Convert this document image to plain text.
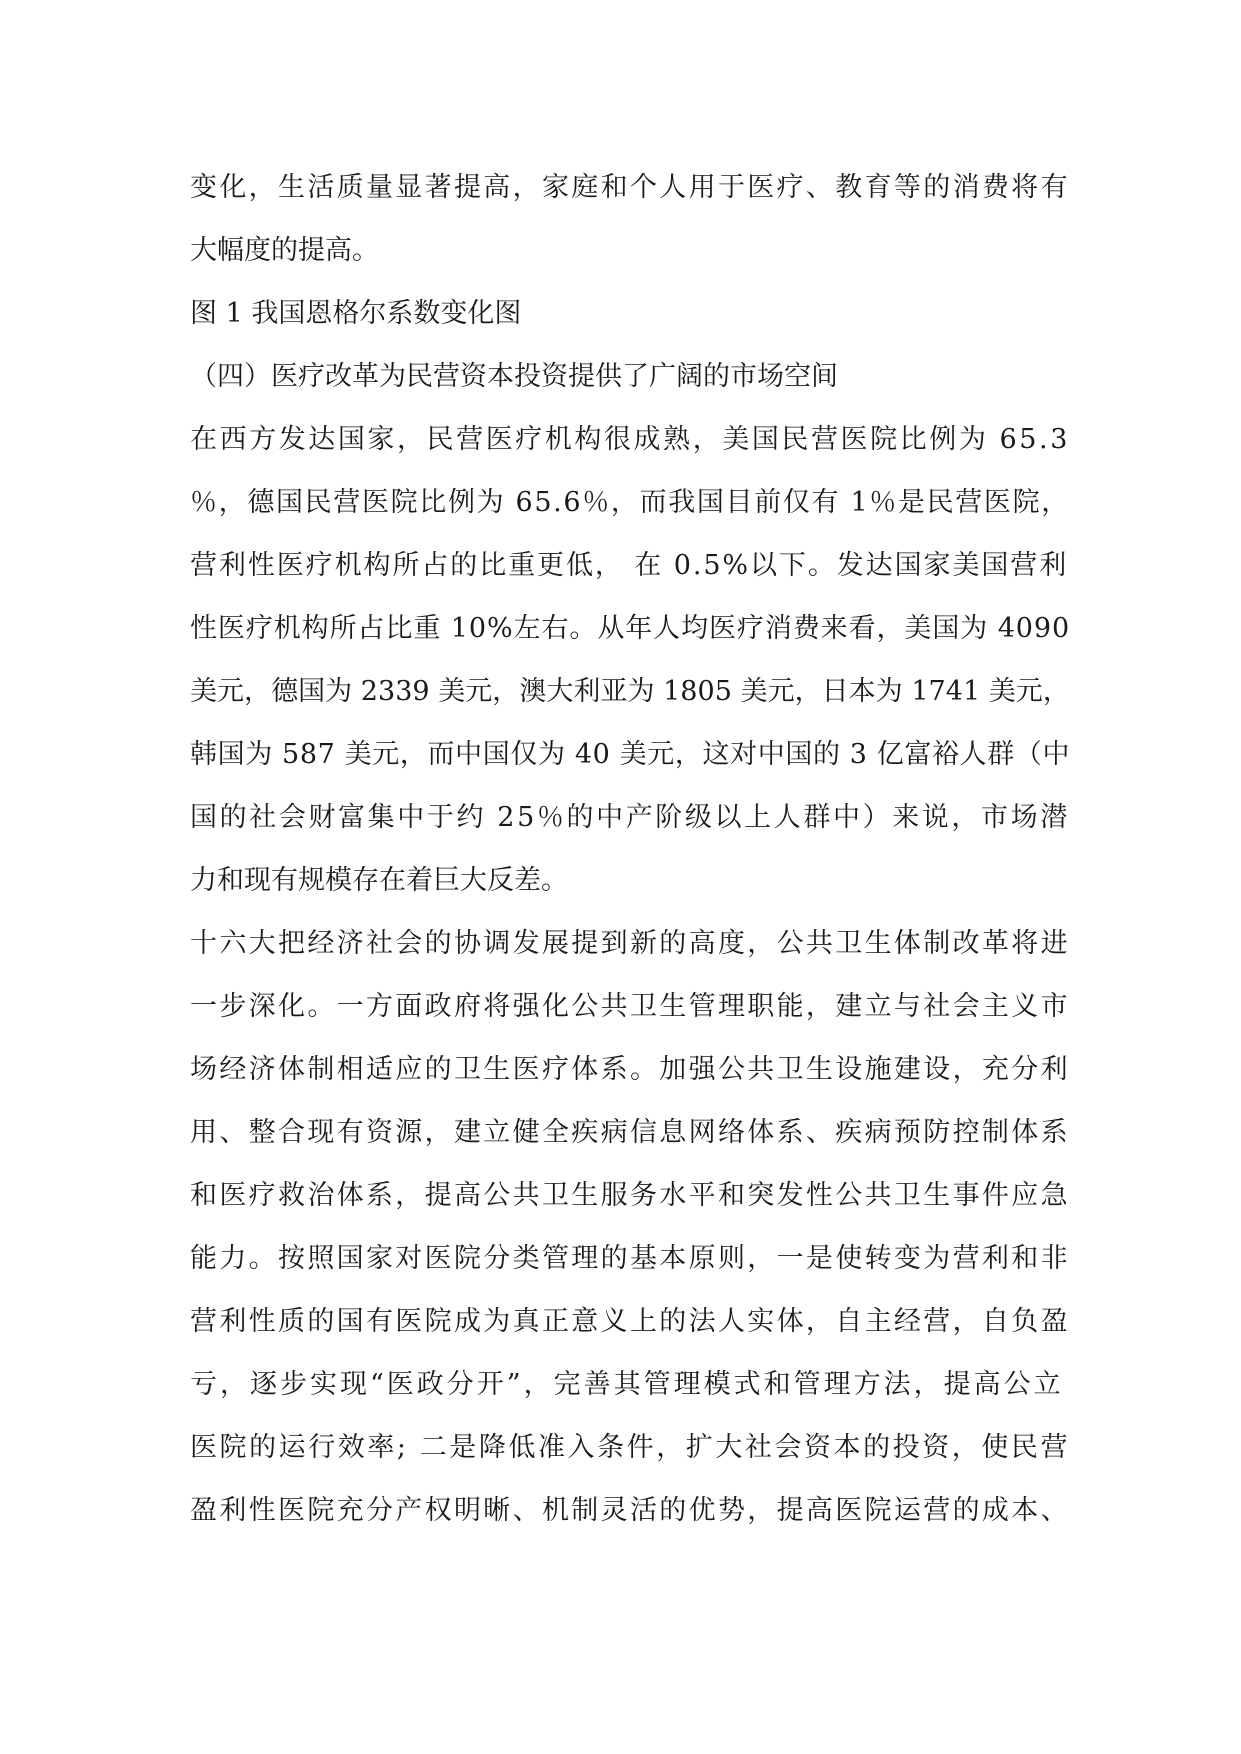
变化，生活质量显著提高，家庭和个人用于医疗、教育等的消费将有
大幅度的提高。
图 1 我国恩格尔系数变化图
（四）医疗改革为民营资本投资提供了广阔的市场空间
在西方发达国家，民营医疗机构很成熟，美国民营医院比例为 65.3
％，德国民营医院比例为 65.6％，而我国目前仅有 1％是民营医院，
营利性医疗机构所占的比重更低， 在 0.5%以下。发达国家美国营利
性医疗机构所占比重 10%左右。从年人均医疗消费来看，美国为 4090
美元，德国为 2339 美元，澳大利亚为 1805 美元，日本为 1741 美元，
韩国为 587 美元，而中国仅为 40 美元，这对中国的 3 亿富裕人群（中
国的社会财富集中于约 25％的中产阶级以上人群中）来说，市场潜
力和现有规模存在着巨大反差。
十六大把经济社会的协调发展提到新的高度，公共卫生体制改革将进
一步深化。一方面政府将强化公共卫生管理职能，建立与社会主义市
场经济体制相适应的卫生医疗体系。加强公共卫生设施建设，充分利
用、整合现有资源，建立健全疾病信息网络体系、疾病预防控制体系
和医疗救治体系，提高公共卫生服务水平和突发性公共卫生事件应急
能力。按照国家对医院分类管理的基本原则，一是使转变为营利和非
营利性质的国有医院成为真正意义上的法人实体，自主经营，自负盈
亏，逐步实现“医政分开”，完善其管理模式和管理方法，提高公立
医院的运行效率; 二是降低准入条件，扩大社会资本的投资，使民营
盈利性医院充分产权明晰、机制灵活的优势，提高医院运营的成本、
